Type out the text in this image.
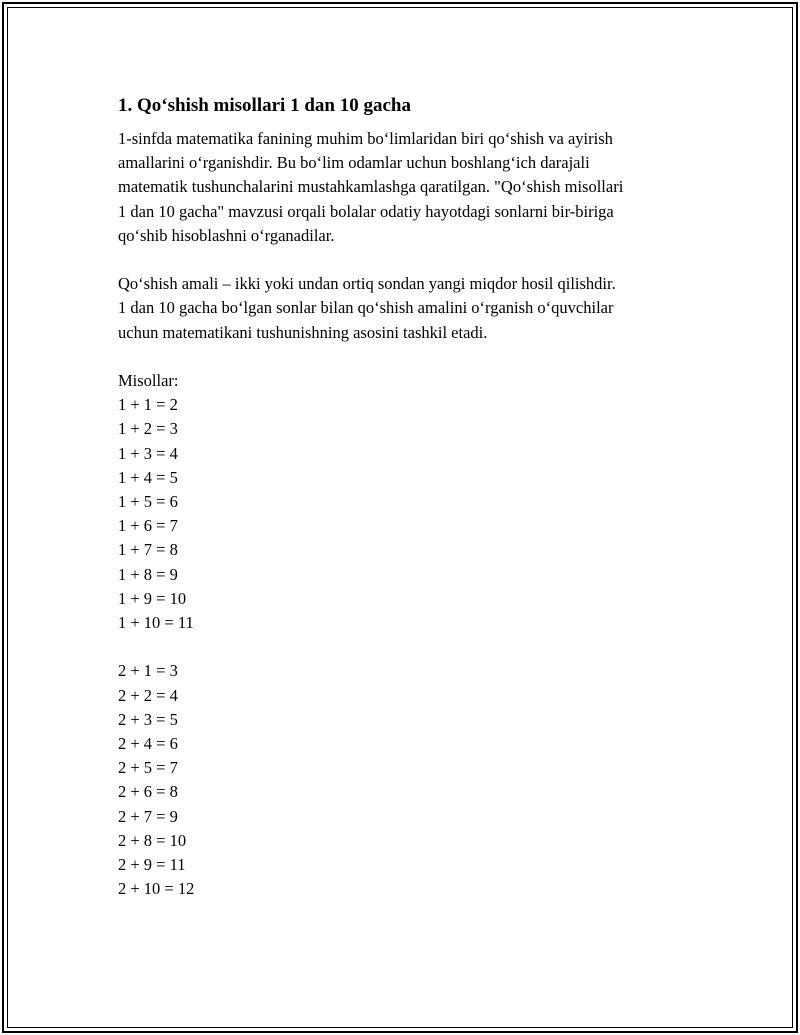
1. Qo‘shish misollari 1 dan 10 gacha

1-sinfda matematika fanining muhim bo‘limlaridan biri qo‘shish va ayirish
amallarini o‘rganishdir. Bu bo‘lim odamlar uchun boshlang‘ich darajali
matematik tushunchalarini mustahkamlashga qaratilgan. "Qo‘shish misollari
1 dan 10 gacha" mavzusi orqali bolalar odatiy hayotdagi sonlarni bir-biriga
qo‘shib hisoblashni o‘rganadilar.

Qo‘shish amali – ikki yoki undan ortiq sondan yangi miqdor hosil qilishdir.
1 dan 10 gacha bo‘lgan sonlar bilan qo‘shish amalini o‘rganish o‘quvchilar
uchun matematikani tushunishning asosini tashkil etadi.

Misollar:

1 + 1 = 2
1 + 2 = 3
1 + 3 = 4
1 + 4 = 5
1 + 5 = 6
1 + 6 = 7
1 + 7 = 8
1 + 8 = 9
1 + 9 = 10
1 + 10 = 11
2 + 1 = 3
2 + 2 = 4
2 + 3 = 5
2 + 4 = 6
2 + 5 = 7
2 + 6 = 8
2 + 7 = 9
2 + 8 = 10
2 + 9 = 11
2 + 10 = 12
